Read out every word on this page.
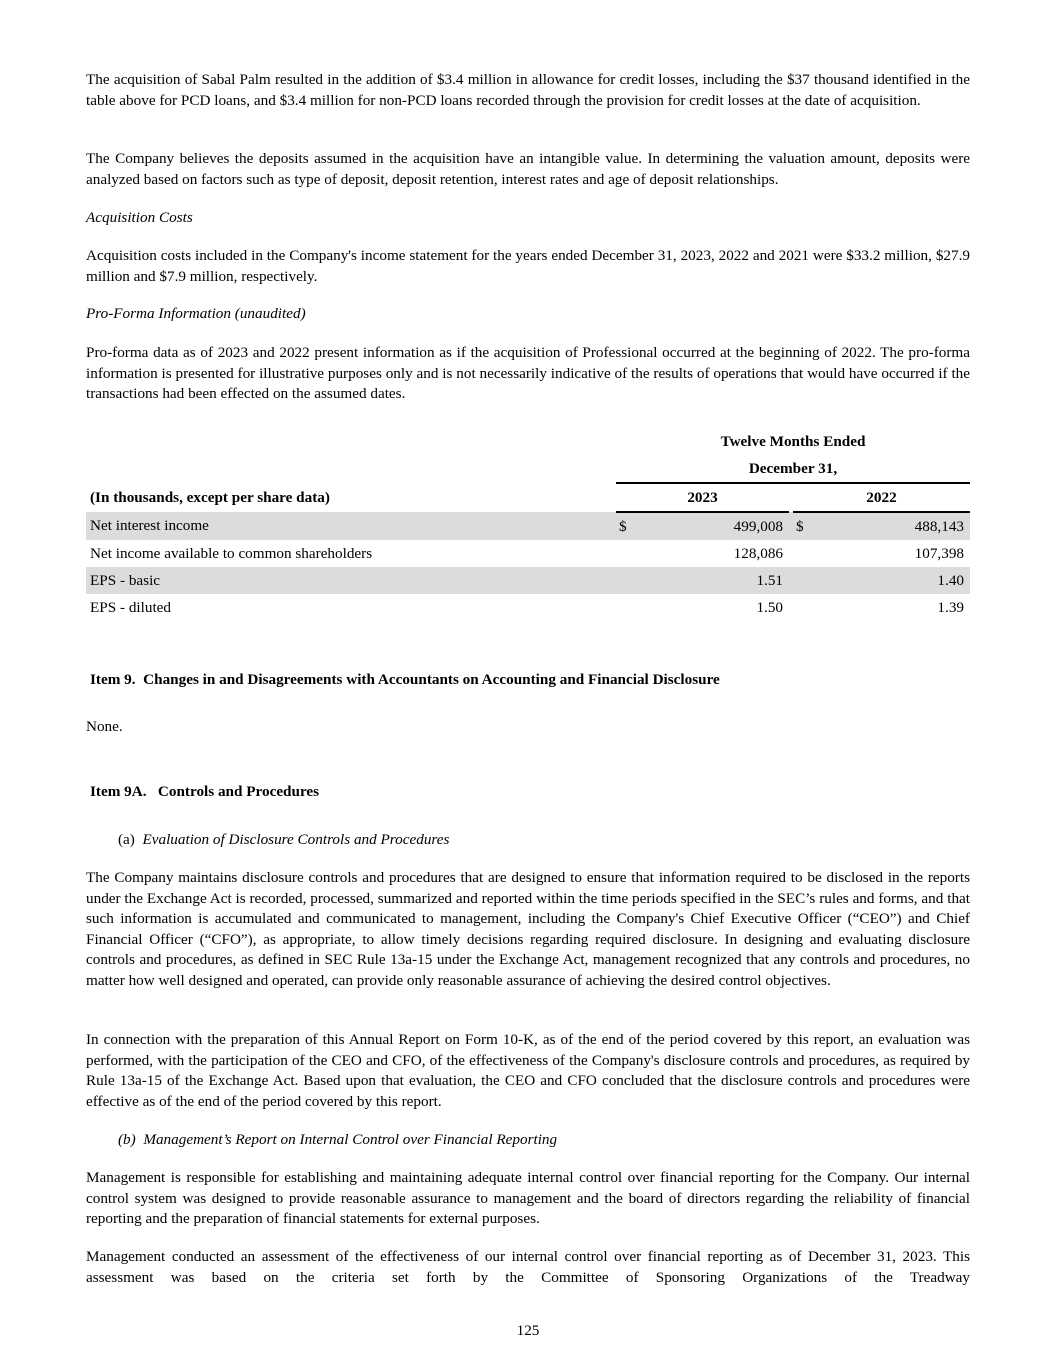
The acquisition of Sabal Palm resulted in the addition of $3.4 million in allowance for credit losses, including the $37 thousand identified in the table above for PCD loans, and $3.4 million for non-PCD loans recorded through the provision for credit losses at the date of acquisition.

The Company believes the deposits assumed in the acquisition have an intangible value. In determining the valuation amount, deposits were analyzed based on factors such as type of deposit, deposit retention, interest rates and age of deposit relationships.

Acquisition Costs

Acquisition costs included in the Company's income statement for the years ended December 31, 2023, 2022 and 2021 were $33.2 million, $27.9 million and $7.9 million, respectively.

Pro-Forma Information (unaudited)

Pro-forma data as of 2023 and 2022 present information as if the acquisition of Professional occurred at the beginning of 2022. The pro-forma information is presented for illustrative purposes only and is not necessarily indicative of the results of operations that would have occurred if the transactions had been effected on the assumed dates.

	Twelve Months Ended				
	December 31,				
(In thousands, except per share data)	2023			2022	
Net interest income	$	499,008		$	488,143
Net income available to common shareholders		128,086			107,398
EPS - basic		1.51			1.40
EPS - diluted		1.50			1.39

Item 9. Changes in and Disagreements with Accountants on Accounting and Financial Disclosure

None.

Item 9A. Controls and Procedures

(a) Evaluation of Disclosure Controls and Procedures

The Company maintains disclosure controls and procedures that are designed to ensure that information required to be disclosed in the reports under the Exchange Act is recorded, processed, summarized and reported within the time periods specified in the SEC’s rules and forms, and that such information is accumulated and communicated to management, including the Company's Chief Executive Officer (“CEO”) and Chief Financial Officer (“CFO”), as appropriate, to allow timely decisions regarding required disclosure. In designing and evaluating disclosure controls and procedures, as defined in SEC Rule 13a-15 under the Exchange Act, management recognized that any controls and procedures, no matter how well designed and operated, can provide only reasonable assurance of achieving the desired control objectives.

In connection with the preparation of this Annual Report on Form 10-K, as of the end of the period covered by this report, an evaluation was performed, with the participation of the CEO and CFO, of the effectiveness of the Company's disclosure controls and procedures, as required by Rule 13a-15 of the Exchange Act. Based upon that evaluation, the CEO and CFO concluded that the disclosure controls and procedures were effective as of the end of the period covered by this report.

(b) Management’s Report on Internal Control over Financial Reporting

Management is responsible for establishing and maintaining adequate internal control over financial reporting for the Company. Our internal control system was designed to provide reasonable assurance to management and the board of directors regarding the reliability of financial reporting and the preparation of financial statements for external purposes.

Management conducted an assessment of the effectiveness of our internal control over financial reporting as of December 31, 2023. This assessment was based on the criteria set forth by the Committee of Sponsoring Organizations of the Treadway

125
